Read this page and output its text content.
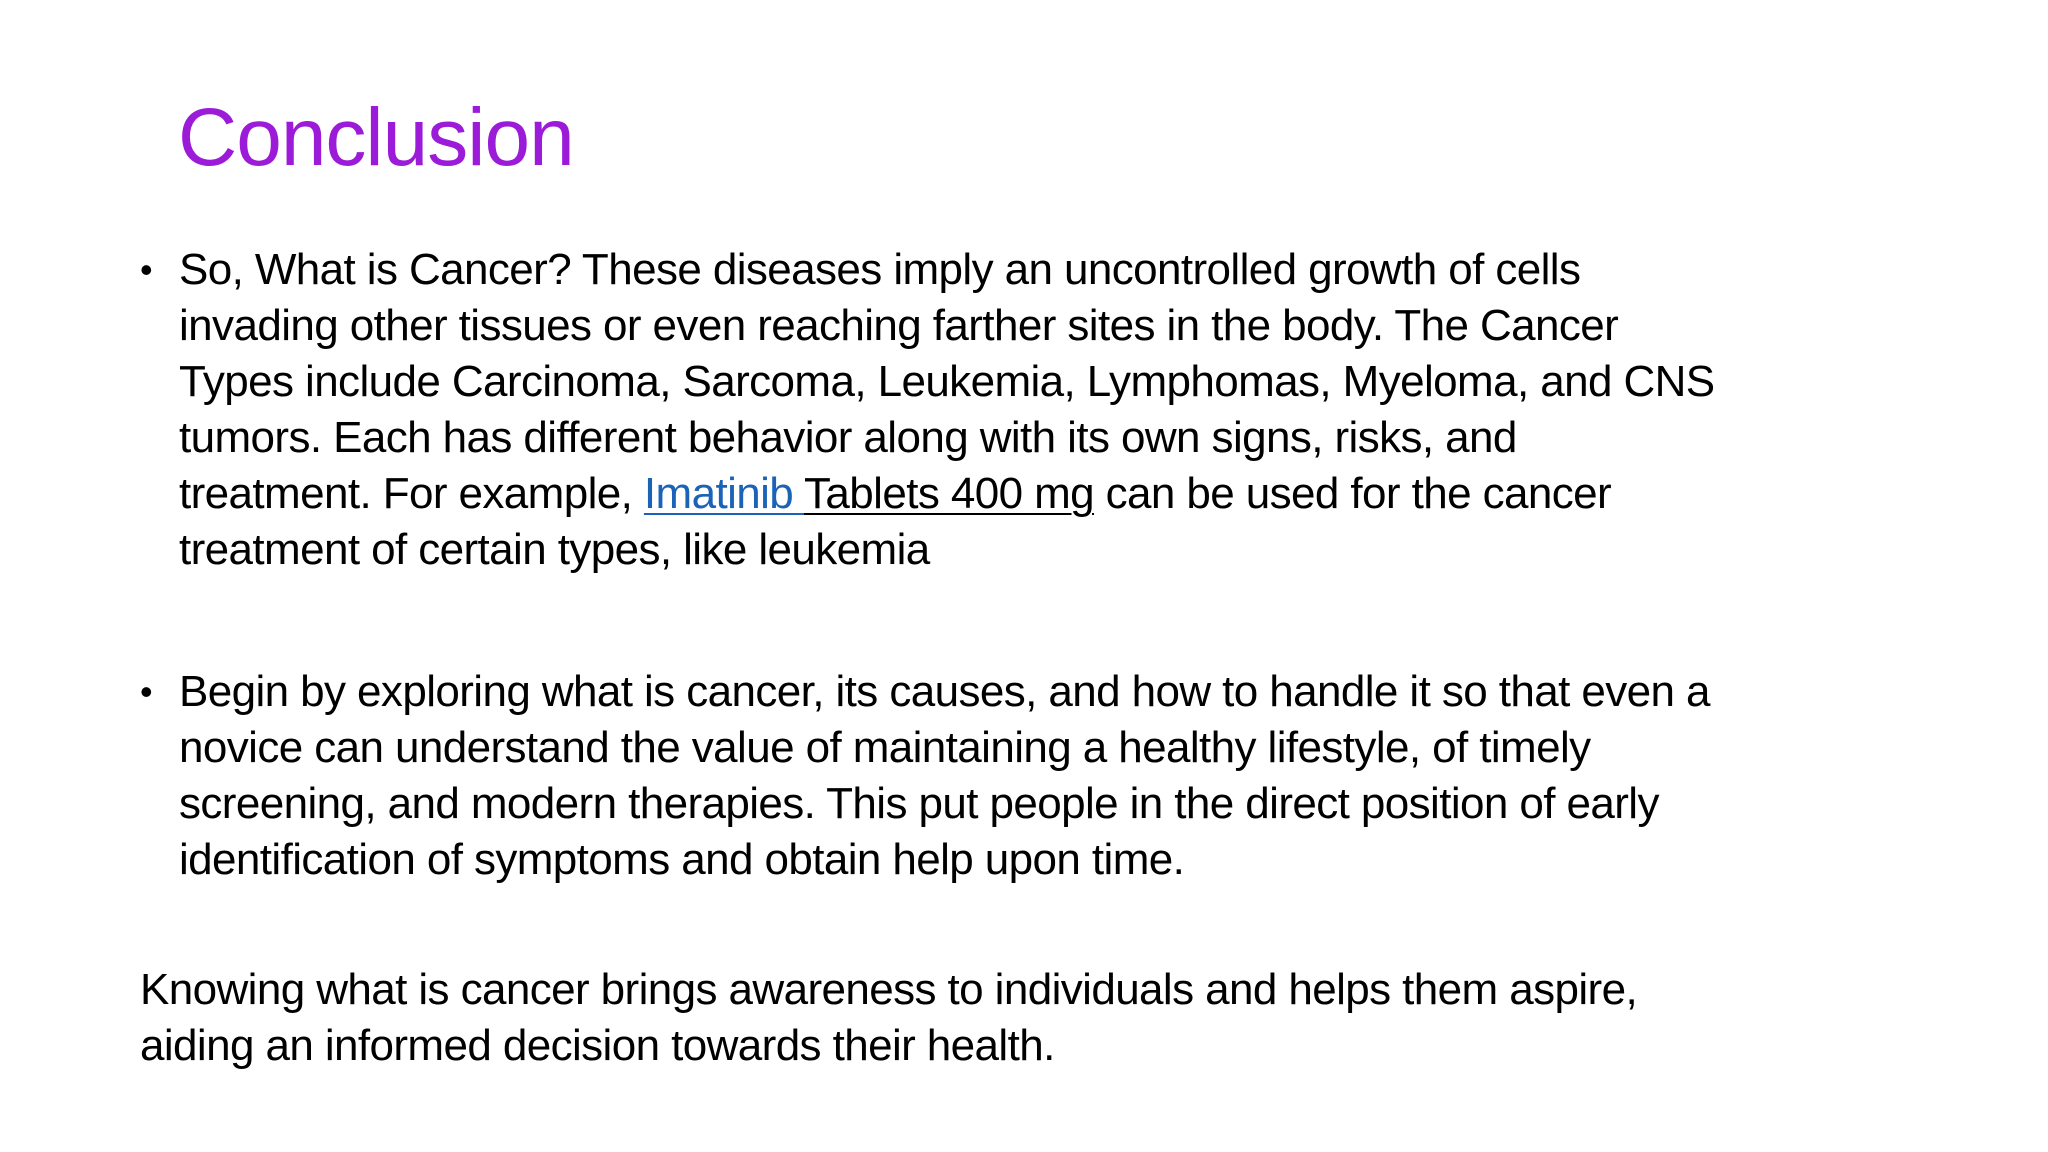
Conclusion
• So, What is Cancer? These diseases imply an uncontrolled growth of cells
invading other tissues or even reaching farther sites in the body. The Cancer
Types include Carcinoma, Sarcoma, Leukemia, Lymphomas, Myeloma, and CNS
tumors. Each has different behavior along with its own signs, risks, and
treatment. For example, Imatinib Tablets 400 mg can be used for the cancer
treatment of certain types, like leukemia
• Begin by exploring what is cancer, its causes, and how to handle it so that even a
novice can understand the value of maintaining a healthy lifestyle, of timely
screening, and modern therapies. This put people in the direct position of early
identification of symptoms and obtain help upon time.

Knowing what is cancer brings awareness to individuals and helps them aspire,
aiding an informed decision towards their health.
